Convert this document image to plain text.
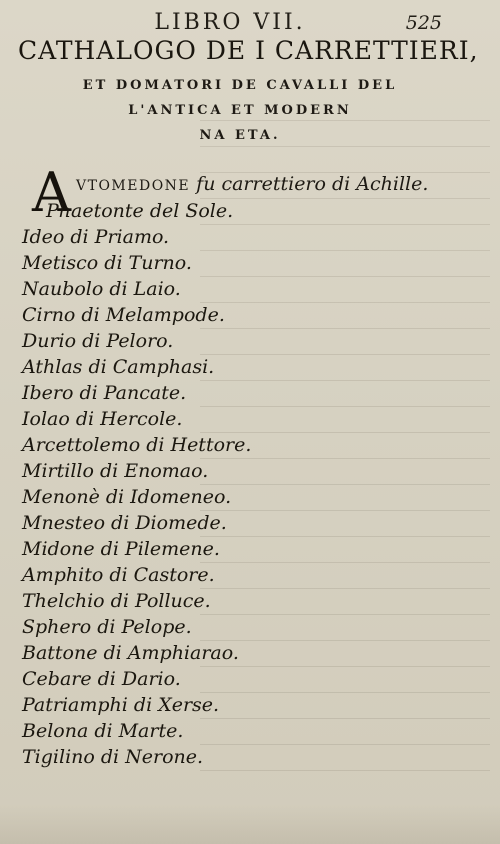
LIBRO VII.	525
CATHALOGO DE I CARRETTIERI,
ET DOMATORI DE CAVALLI DEL
L'ANTICA ET MODERN
NA ETA.
A VTOMEDONE fu carrettiero di Achille.
Phaetonte del Sole.
Ideo di Priamo.
Metisco di Turno.
Naubolo di Laio.
Cirno di Melampode.
Durio di Peloro.
Athlas di Camphasi.
Ibero di Pancate.
Iolao di Hercole.
Arcettolemo di Hettore.
Mirtillo di Enomao.
Menonè di Idomeneo.
Mnesteo di Diomede.
Midone di Pilemene.
Amphito di Castore.
Thelchio di Polluce.
Sphero di Pelope.
Battone di Amphiarao.
Cebare di Dario.
Patriamphi di Xerse.
Belona di Marte.
Tigilino di Nerone.
